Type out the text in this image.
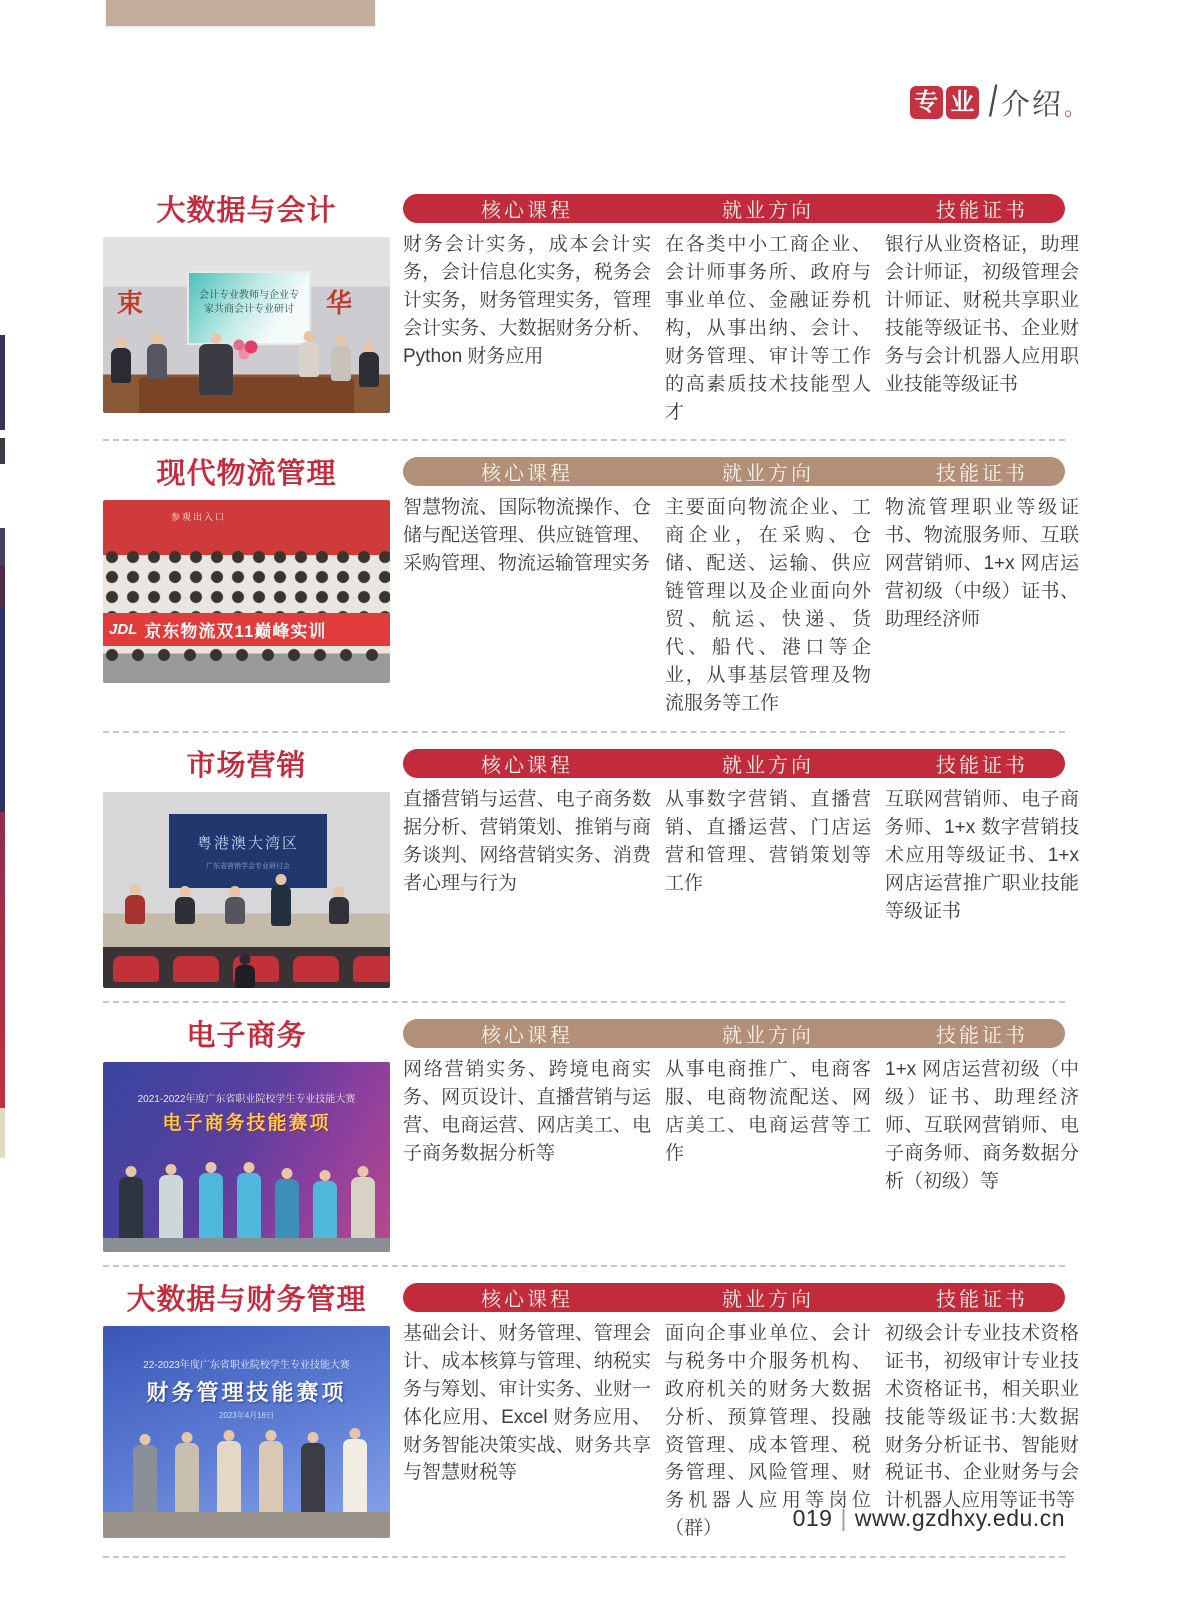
专 业 / 介绍 。
大数据与会计
束	华
会计专业教师与企业专
家共商会计专业研讨
核心课程	就业方向	技能证书

财务会计实务，成本会计实务，会计信息化实务，税务会计实务，财务管理实务，管理会计实务、大数据财务分析、Python 财务应用

在各类中小工商企业、会计师事务所、政府与事业单位、金融证券机构，从事出纳、会计、财务管理、审计等工作的高素质技术技能型人才

银行从业资格证，助理会计师证，初级管理会计师证、财税共享职业技能等级证书、企业财务与会计机器人应用职业技能等级证书

现代物流管理
参观出入口
JDL 京东物流双11巅峰实训
核心课程	就业方向	技能证书

智慧物流、国际物流操作、仓储与配送管理、供应链管理、采购管理、物流运输管理实务

主要面向物流企业、工商企业，在采购、仓储、配送、运输、供应链管理以及企业面向外贸、航运、快递、货代、船代、港口等企业，从事基层管理及物流服务等工作

物流管理职业等级证书、物流服务师、互联网营销师、1+x 网店运营初级（中级）证书、助理经济师

市场营销
粤港澳大湾区
广东省营销学会专业研讨会
核心课程	就业方向	技能证书

直播营销与运营、电子商务数据分析、营销策划、推销与商务谈判、网络营销实务、消费者心理与行为

从事数字营销、直播营销、直播运营、门店运营和管理、营销策划等工作

互联网营销师、电子商务师、1+x 数字营销技术应用等级证书、1+x 网店运营推广职业技能等级证书

电子商务
2021-2022年度广东省职业院校学生专业技能大赛
电子商务技能赛项
核心课程	就业方向	技能证书

网络营销实务、跨境电商实务、网页设计、直播营销与运营、电商运营、网店美工、电子商务数据分析等

从事电商推广、电商客服、电商物流配送、网店美工、电商运营等工作

1+x 网店运营初级（中级）证书、助理经济师、互联网营销师、电子商务师、商务数据分析（初级）等

大数据与财务管理
22-2023年度广东省职业院校学生专业技能大赛
财务管理技能赛项
2023年4月16日
核心课程	就业方向	技能证书

基础会计、财务管理、管理会计、成本核算与管理、纳税实务与筹划、审计实务、业财一体化应用、Excel 财务应用、财务智能决策实战、财务共享与智慧财税等

面向企事业单位、会计与税务中介服务机构、政府机关的财务大数据分析、预算管理、投融资管理、成本管理、税务管理、风险管理、财务机器人应用等岗位（群）

初级会计专业技术资格证书，初级审计专业技术资格证书，相关职业技能等级证书:大数据财务分析证书、智能财税证书、企业财务与会计机器人应用等证书等

019 | www.gzdhxy.edu.cn
